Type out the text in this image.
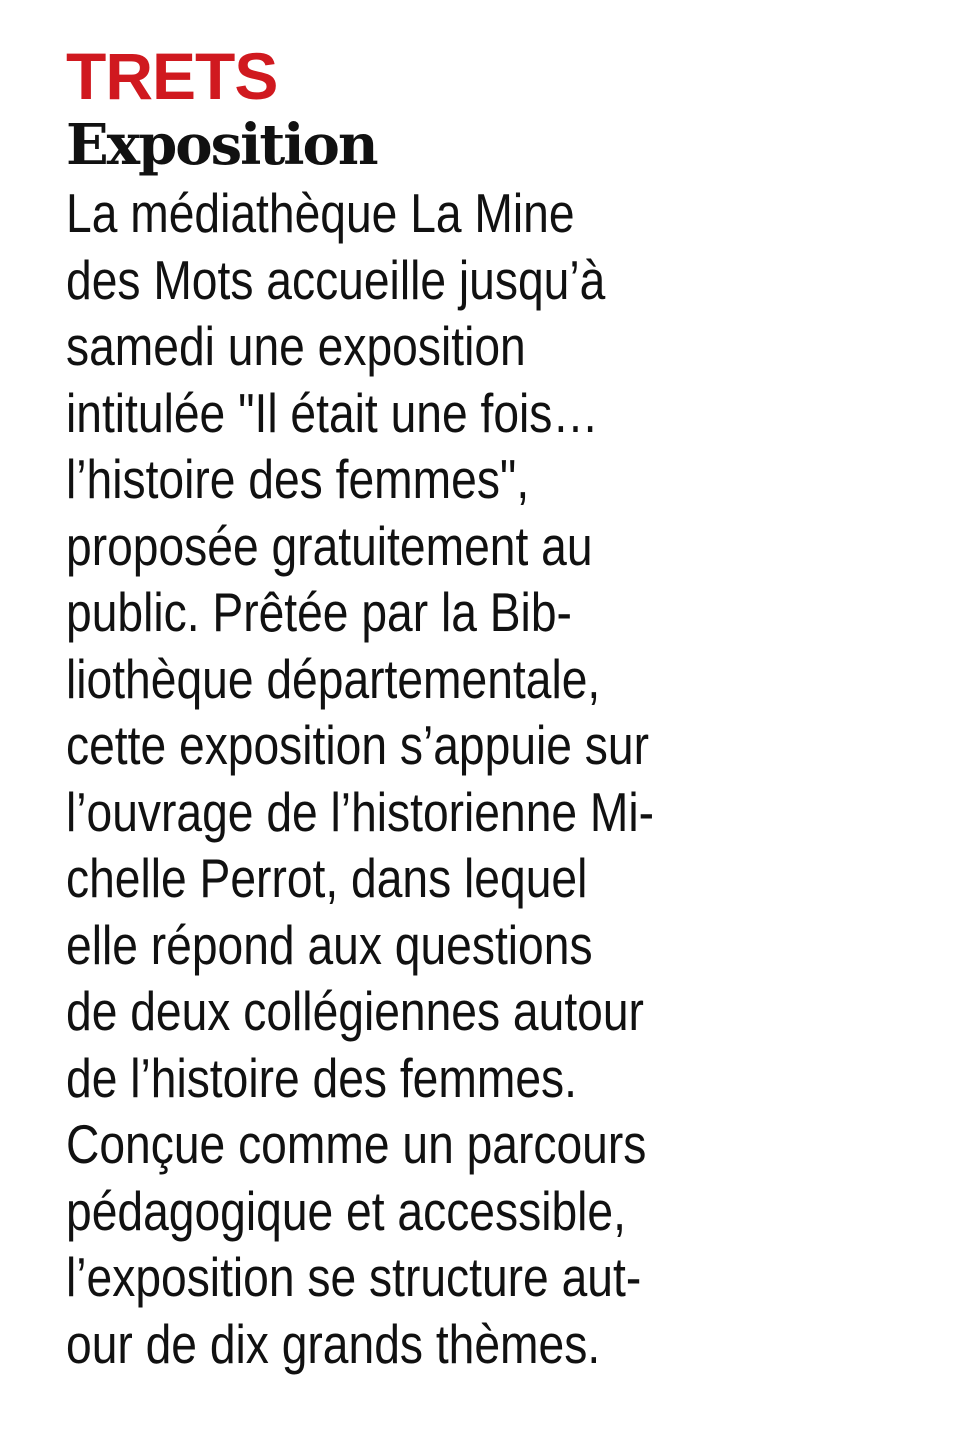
TRETS
Exposition
La médiathèque La Mine
des Mots accueille jusqu’à
samedi une exposition
intitulée "Il était une fois…
l’histoire des femmes",
proposée gratuitement au
public. Prêtée par la Bib-
liothèque départementale,
cette exposition s’appuie sur
l’ouvrage de l’historienne Mi-
chelle Perrot, dans lequel
elle répond aux questions
de deux collégiennes autour
de l’histoire des femmes.
Conçue comme un parcours
pédagogique et accessible,
l’exposition se structure aut-
our de dix grands thèmes.
